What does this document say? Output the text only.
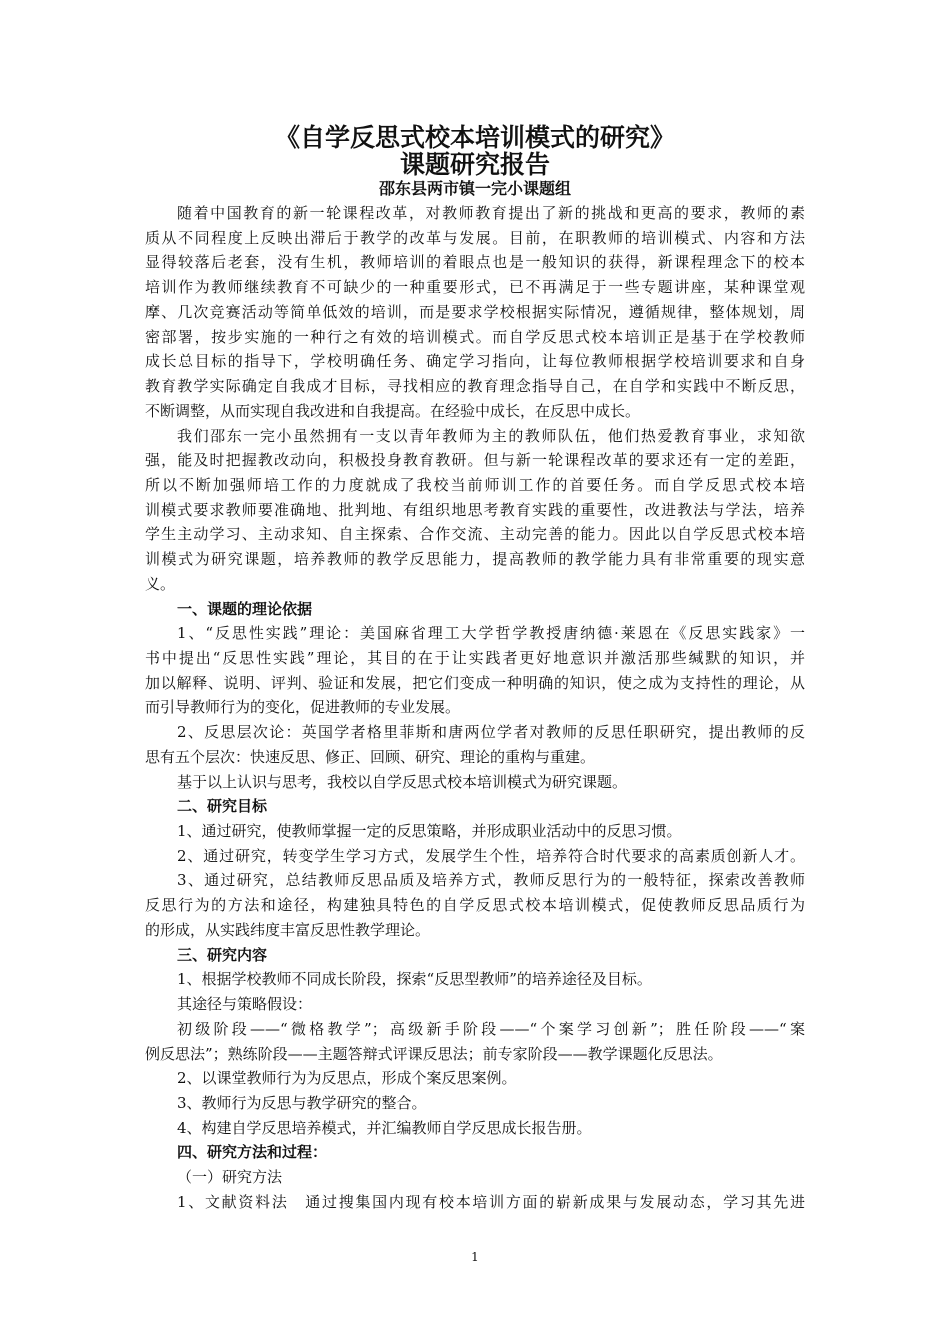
《自学反思式校本培训模式的研究》
课题研究报告
邵东县两市镇一完小课题组
随着中国教育的新一轮课程改革，对教师教育提出了新的挑战和更高的要求，教师的素
质从不同程度上反映出滞后于教学的改革与发展。目前，在职教师的培训模式、内容和方法
显得较落后老套，没有生机，教师培训的着眼点也是一般知识的获得，新课程理念下的校本
培训作为教师继续教育不可缺少的一种重要形式，已不再满足于一些专题讲座，某种课堂观
摩、几次竞赛活动等简单低效的培训，而是要求学校根据实际情况，遵循规律，整体规划，周
密部署，按步实施的一种行之有效的培训模式。而自学反思式校本培训正是基于在学校教师
成长总目标的指导下，学校明确任务、确定学习指向，让每位教师根据学校培训要求和自身
教育教学实际确定自我成才目标，寻找相应的教育理念指导自己，在自学和实践中不断反思，
不断调整，从而实现自我改进和自我提高。在经验中成长，在反思中成长。
我们邵东一完小虽然拥有一支以青年教师为主的教师队伍，他们热爱教育事业，求知欲
强，能及时把握教改动向，积极投身教育教研。但与新一轮课程改革的要求还有一定的差距，
所以不断加强师培工作的力度就成了我校当前师训工作的首要任务。而自学反思式校本培
训模式要求教师要准确地、批判地、有组织地思考教育实践的重要性，改进教法与学法，培养
学生主动学习、主动求知、自主探索、合作交流、主动完善的能力。因此以自学反思式校本培
训模式为研究课题，培养教师的教学反思能力，提高教师的教学能力具有非常重要的现实意
义。
一、课题的理论依据
1、“反思性实践”理论：美国麻省理工大学哲学教授唐纳德·莱恩在《反思实践家》一
书中提出“反思性实践”理论，其目的在于让实践者更好地意识并激活那些缄默的知识，并
加以解释、说明、评判、验证和发展，把它们变成一种明确的知识，使之成为支持性的理论，从
而引导教师行为的变化，促进教师的专业发展。
2、反思层次论：英国学者格里菲斯和唐两位学者对教师的反思任职研究，提出教师的反
思有五个层次：快速反思、修正、回顾、研究、理论的重构与重建。
基于以上认识与思考，我校以自学反思式校本培训模式为研究课题。
二、研究目标
1、通过研究，使教师掌握一定的反思策略，并形成职业活动中的反思习惯。
2、通过研究，转变学生学习方式，发展学生个性，培养符合时代要求的高素质创新人才。
3、通过研究，总结教师反思品质及培养方式，教师反思行为的一般特征，探索改善教师
反思行为的方法和途径，构建独具特色的自学反思式校本培训模式，促使教师反思品质行为
的形成，从实践纬度丰富反思性教学理论。
三、研究内容
1、根据学校教师不同成长阶段，探索“反思型教师”的培养途径及目标。
其途径与策略假设：
初级阶段——“微格教学”；高级新手阶段——“个案学习创新”；胜任阶段——“案
例反思法”；熟练阶段——主题答辩式评课反思法；前专家阶段——教学课题化反思法。
2、以课堂教师行为为反思点，形成个案反思案例。
3、教师行为反思与教学研究的整合。
4、构建自学反思培养模式，并汇编教师自学反思成长报告册。
四、研究方法和过程：
（一）研究方法
1、文献资料法　通过搜集国内现有校本培训方面的崭新成果与发展动态，学习其先进
1
